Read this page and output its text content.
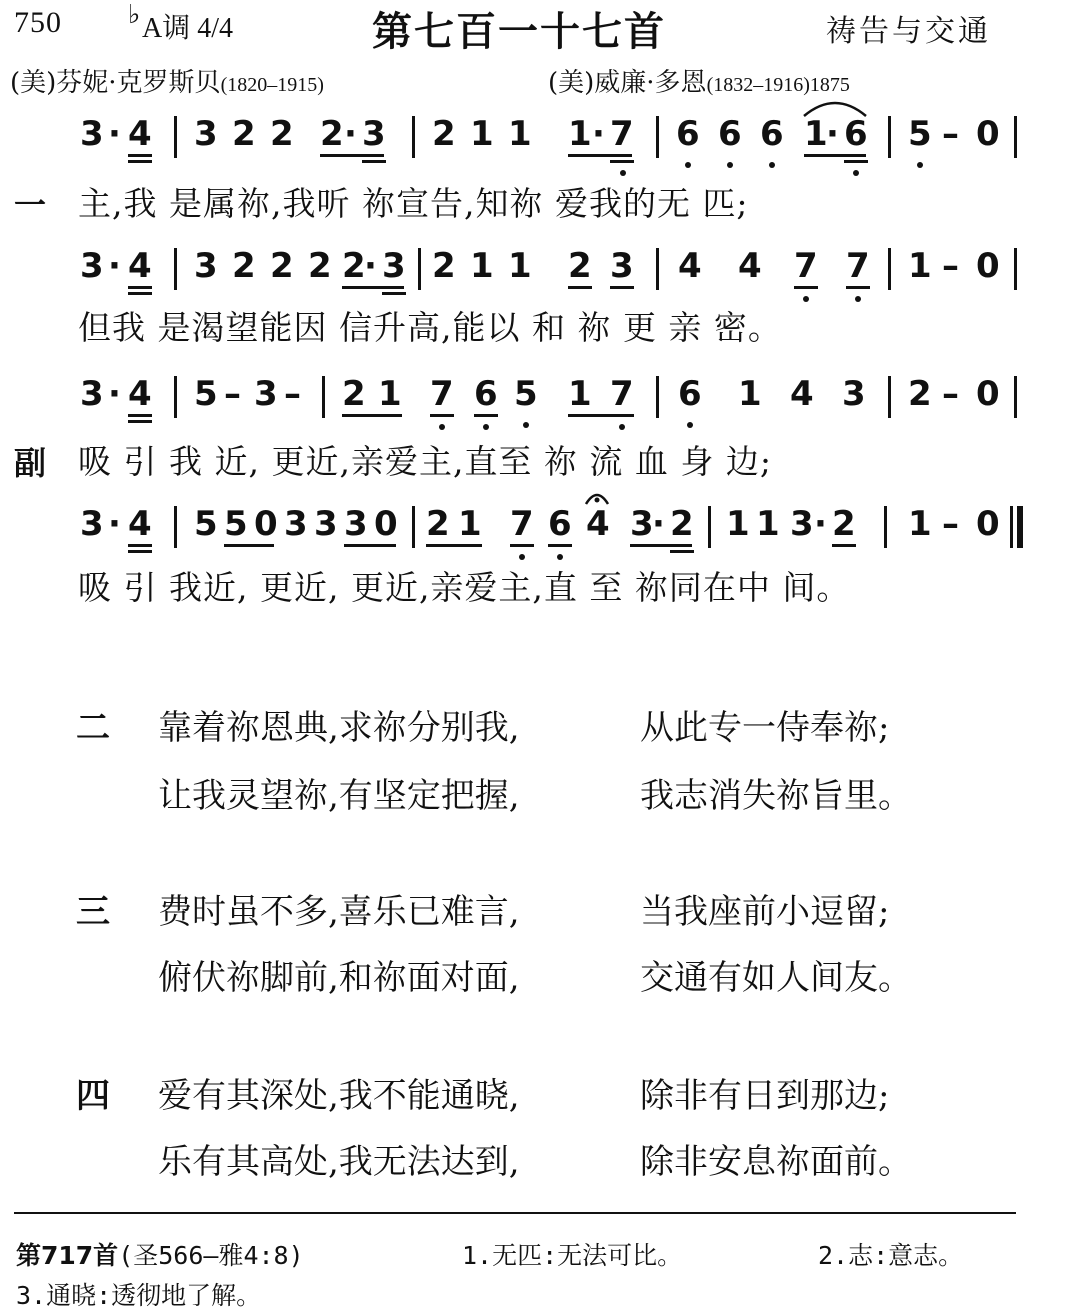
750	♭ A调 4/4	第七百一十七首	祷告与交通
(美)芬妮·克罗斯贝(1820–1915)	(美)威廉·多恩(1832–1916)1875
3 · 4 3 2 2 2 · 3 2 1 1 1 · 7 6 6 6 1
· 6 5 – 0
一 主,我 是属祢,我听 祢宣告,知祢 爱我的无 匹;
3 · 4 3 2 2 2 2
· 3 2 1 1 2 3 4 4 7 7 1 – 0
但我 是渴望能因 信升高,能以 和 祢 更 亲 密。
3 · 4 5 – 3 – 2 1 7 6 5 1 7 6 1 4 3 2 – 0
副 吸 引 我 近, 更近,亲爱主,直至 祢 流 血 身 边;
3 · 4 5 5 0 3 3 3 0 2 1 7 6 4 3
· 2 1 1 3 · 2 1 – 0
吸 引 我近, 更近, 更近,亲爱主,直 至 祢同在中 间。
二 靠着祢恩典,求祢分别我,	从此专一侍奉祢;
让我灵望祢,有坚定把握,	我志消失祢旨里。
三 费时虽不多,喜乐已难言,	当我座前小逗留;
俯伏祢脚前,和祢面对面,	交通有如人间友。
四 爱有其深处,我不能通晓,	除非有日到那边;
乐有其高处,我无法达到,	除非安息祢面前。
第717首(圣566—雅4:8)	1.无匹:无法可比。	2.志:意志。
3.通晓:透彻地了解。
